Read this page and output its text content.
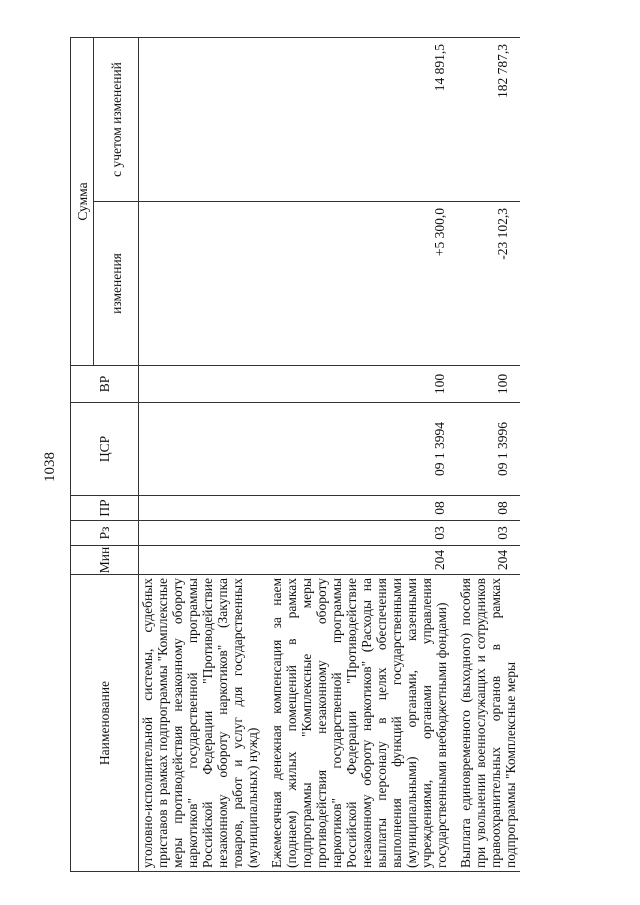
1038
Наименование	Мин	Рз	ПР	ЦСР	ВР	Сумма	
						изменения	с учетом изменений
уголовно-исполнительной системы, судебных приставов в рамках подпрограммы "Комплексные меры противодействия незаконному обороту наркотиков" государственной программы Российской Федерации "Противодействие незаконному обороту наркотиков" (Закупка товаров, работ и услуг для государственных (муниципальных) нужд)							
Ежемесячная денежная компенсация за наем (поднаем) жилых помещений в рамках подпрограммы "Комплексные меры противодействия незаконному обороту наркотиков" государственной программы Российской Федерации "Противодействие незаконному обороту наркотиков" (Расходы на выплаты персоналу в целях обеспечения выполнения функций государственными (муниципальными) органами, казенными учреждениями, органами управления государственными внебюджетными фондами)	204	03	08	09 1 3994	100	+5 300,0	14 891,5
Выплата единовременного (выходного) пособия при увольнении военнослужащих и сотрудников правоохранительных органов в рамках подпрограммы "Комплексные меры	204	03	08	09 1 3996	100	-23 102,3	182 787,3
